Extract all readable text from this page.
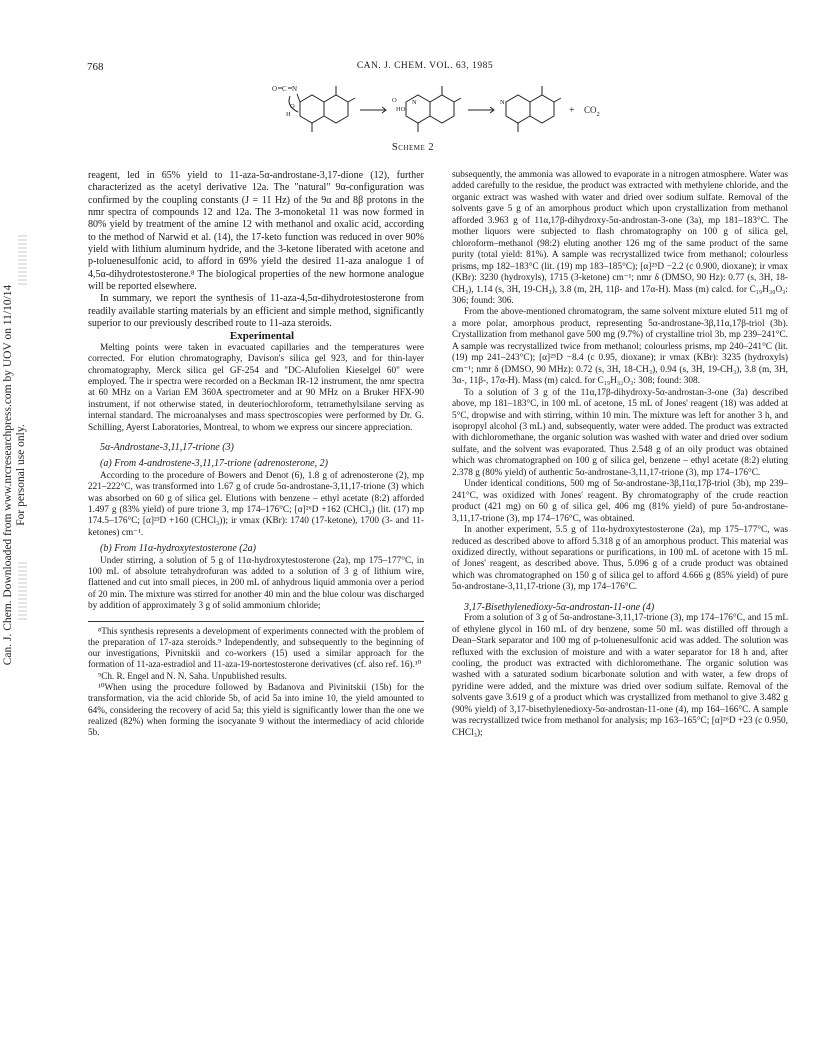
Can. J. Chem. Downloaded from www.nrcresearchpress.com by UOV on 11/10/14 For personal use only.
768	CAN. J. CHEM. VOL. 63, 1985
O C N
O
H
O
HO
N	N
+ $CO_2$
Scheme 2

reagent, led in 65% yield to 11-aza-5α-androstane-3,17-dione (12), further characterized as the acetyl derivative 12a. The "natural" 9α-configuration was confirmed by the coupling constants (J = 11 Hz) of the 9α and 8β protons in the nmr spectra of compounds 12 and 12a. The 3-monoketal 11 was now formed in 80% yield by treatment of the amine 12 with methanol and oxalic acid, according to the method of Narwid et al. (14), the 17-keto function was reduced in over 90% yield with lithium aluminum hydride, and the 3-ketone liberated with acetone and p-toluenesulfonic acid, to afford in 69% yield the desired 11-aza analogue 1 of 4,5α-dihydrotestosterone.⁸ The biological properties of the new hormone analogue will be reported elsewhere.

In summary, we report the synthesis of 11-aza-4,5α-dihydrotestosterone from readily available starting materials by an efficient and simple method, significantly superior to our previously described route to 11-aza steroids.

Experimental

Melting points were taken in evacuated capillaries and the temperatures were corrected. For elution chromatography, Davison's silica gel 923, and for thin-layer chromatography, Merck silica gel GF-254 and "DC-Alufolien Kieselgel 60" were employed. The ir spectra were recorded on a Beckman IR-12 instrument, the nmr spectra at 60 MHz on a Varian EM 360A spectrometer and at 90 MHz on a Bruker HFX-90 instrument, if not otherwise stated, in deuteriochloroform, tetramethylsilane serving as internal standard. The microanalyses and mass spectroscopies were performed by Dr. G. Schilling, Ayerst Laboratories, Montreal, to whom we express our sincere appreciation.

5α-Androstane-3,11,17-trione (3)

(a) From 4-androstene-3,11,17-trione (adrenosterone, 2)

According to the procedure of Bowers and Denot (6), 1.8 g of adrenosterone (2), mp 221–222°C, was transformed into 1.67 g of crude 5α-androstane-3,11,17-trione (3) which was absorbed on 60 g of silica gel. Elutions with benzene – ethyl acetate (8:2) afforded 1.497 g (83% yield) of pure trione 3, mp 174–176°C; [α]²⁶D +162 (CHCl₃) (lit. (17) mp 174.5–176°C; [α]²³D +160 (CHCl₃)); ir νmax (KBr): 1740 (17-ketone), 1700 (3- and 11-ketones) cm⁻¹.

(b) From 11α-hydroxytestosterone (2a)

Under stirring, a solution of 5 g of 11α-hydroxytestosterone (2a), mp 175–177°C, in 100 mL of absolute tetrahydrofuran was added to a solution of 3 g of lithium wire, flattened and cut into small pieces, in 200 mL of anhydrous liquid ammonia over a period of 20 min. The mixture was stirred for another 40 min and the blue colour was discharged by addition of approximately 3 g of solid ammonium chloride;

⁸This synthesis represents a development of experiments connected with the problem of the preparation of 17-aza steroids.⁹ Independently, and subsequently to the beginning of our investigations, Pivnitskii and co-workers (15) used a similar approach for the formation of 11-aza-estradiol and 11-aza-19-nortestosterone derivatives (cf. also ref. 16).¹⁰

⁹Ch. R. Engel and N. N. Saha. Unpublished results.

¹⁰When using the procedure followed by Badanova and Pivinitskii (15b) for the transformation, via the acid chloride 5b, of acid 5a into imine 10, the yield amounted to 64%, considering the recovery of acid 5a; this yield is significantly lower than the one we realized (82%) when forming the isocyanate 9 without the intermediacy of acid chloride 5b.

subsequently, the ammonia was allowed to evaporate in a nitrogen atmosphere. Water was added carefully to the residue, the product was extracted with methylene chloride, and the organic extract was washed with water and dried over sodium sulfate. Removal of the solvents gave 5 g of an amorphous product which upon crystallization from methanol afforded 3.963 g of 11α,17β-dihydroxy-5α-androstan-3-one (3a), mp 181–183°C. The mother liquors were subjected to flash chromatography on 100 g of silica gel, chloroform–methanol (98:2) eluting another 126 mg of the same product of the same purity (total yield: 81%). A sample was recrystallized twice from methanol; colourless prisms, mp 182–183°C (lit. (19) mp 183–185°C); [α]²⁵D −2.2 (c 0.900, dioxane); ir νmax (KBr): 3230 (hydroxyls), 1715 (3-ketone) cm⁻¹; nmr δ (DMSO, 90 Hz): 0.77 (s, 3H, 18-CH₃), 1.14 (s, 3H, 19-CH₃), 3.8 (m, 2H, 11β- and 17α-H). Mass (m) calcd. for C₁₉H₃₀O₃: 306; found: 306.

From the above-mentioned chromatogram, the same solvent mixture eluted 511 mg of a more polar, amorphous product, representing 5α-androstane-3β,11α,17β-triol (3b). Crystallization from methanol gave 500 mg (9.7%) of crystalline triol 3b, mp 239–241°C. A sample was recrystallized twice from methanol; colourless prisms, mp 240–241°C (lit. (19) mp 241–243°C); [α]²⁵D −8.4 (c 0.95, dioxane); ir νmax (KBr): 3235 (hydroxyls) cm⁻¹; nmr δ (DMSO, 90 MHz): 0.72 (s, 3H, 18-CH₃), 0.94 (s, 3H, 19-CH₃), 3.8 (m, 3H, 3α-, 11β-, 17α-H). Mass (m) calcd. for C₁₉H₃₂O₃: 308; found: 308.

To a solution of 3 g of the 11α,17β-dihydroxy-5α-androstan-3-one (3a) described above, mp 181–183°C, in 100 mL of acetone, 15 mL of Jones' reagent (18) was added at 5°C, dropwise and with stirring, within 10 min. The mixture was left for another 3 h, and isopropyl alcohol (3 mL) and, subsequently, water were added. The product was extracted with dichloromethane, the organic solution was washed with water and dried over sodium sulfate, and the solvent was evaporated. Thus 2.548 g of an oily product was obtained which was chromatographed on 100 g of silica gel, benzene – ethyl acetate (8:2) eluting 2.378 g (80% yield) of authentic 5α-androstane-3,11,17-trione (3), mp 174–176°C.

Under identical conditions, 500 mg of 5α-androstane-3β,11α,17β-triol (3b), mp 239–241°C, was oxidized with Jones' reagent. By chromatography of the crude reaction product (421 mg) on 60 g of silica gel, 406 mg (81% yield) of pure 5α-androstane-3,11,17-trione (3), mp 174–176°C, was obtained.

In another experiment, 5.5 g of 11α-hydroxytestosterone (2a), mp 175–177°C, was reduced as described above to afford 5.318 g of an amorphous product. This material was oxidized directly, without separations or purifications, in 100 mL of acetone with 15 mL of Jones' reagent, as described above. Thus, 5.096 g of a crude product was obtained which was chromatographed on 150 g of silica gel to afford 4.666 g (85% yield) of pure 5α-androstane-3,11,17-trione (3), mp 174–176°C.

3,17-Bisethylenedioxy-5α-androstan-11-one (4)

From a solution of 3 g of 5α-androstane-3,11,17-trione (3), mp 174–176°C, and 15 mL of ethylene glycol in 160 mL of dry benzene, some 50 mL was distilled off through a Dean–Stark separator and 100 mg of p-toluenesulfonic acid was added. The solution was refluxed with the exclusion of moisture and with a water separator for 18 h and, after cooling, the product was extracted with dichloromethane. The organic solution was washed with a saturated sodium bicarbonate solution and with water, a few drops of pyridine were added, and the mixture was dried over sodium sulfate. Removal of the solvents gave 3.619 g of a product which was crystallized from methanol to give 3.482 g (90% yield) of 3,17-bisethylenedioxy-5α-androstan-11-one (4), mp 164–166°C. A sample was recrystallized twice from methanol for analysis; mp 163–165°C; [α]²⁶D +23 (c 0.950, CHCl₃);
